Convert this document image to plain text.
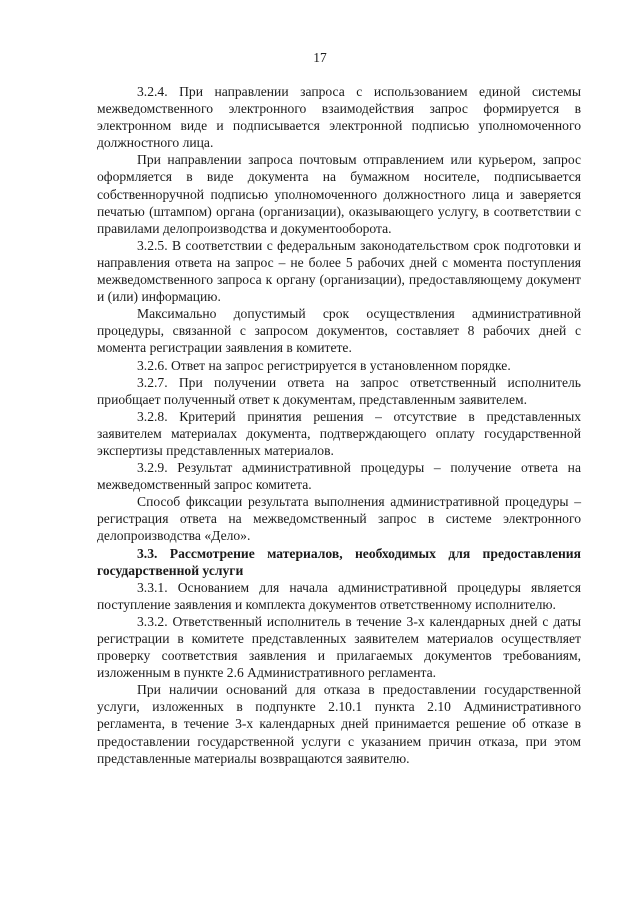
17

3.2.4. При направлении запроса с использованием единой системы межведомственного электронного взаимодействия запрос формируется в электронном виде и подписывается электронной подписью уполномоченного должностного лица.

При направлении запроса почтовым отправлением или курьером, запрос оформляется в виде документа на бумажном носителе, подписывается собственноручной подписью уполномоченного должностного лица и заверяется печатью (штампом) органа (организации), оказывающего услугу, в соответствии с правилами делопроизводства и документооборота.

3.2.5. В соответствии с федеральным законодательством срок подготовки и направления ответа на запрос – не более 5 рабочих дней с момента поступления межведомственного запроса к органу (организации), предоставляющему документ и (или) информацию.

Максимально допустимый срок осуществления административной процедуры, связанной с запросом документов, составляет 8 рабочих дней с момента регистрации заявления в комитете.

3.2.6. Ответ на запрос регистрируется в установленном порядке.

3.2.7. При получении ответа на запрос ответственный исполнитель приобщает полученный ответ к документам, представленным заявителем.

3.2.8. Критерий принятия решения – отсутствие в представленных заявителем материалах документа, подтверждающего оплату государственной экспертизы представленных материалов.

3.2.9. Результат административной процедуры – получение ответа на межведомственный запрос комитета.

Способ фиксации результата выполнения административной процедуры – регистрация ответа на межведомственный запрос в системе электронного делопроизводства «Дело».

3.3. Рассмотрение материалов, необходимых для предоставления государственной услуги

3.3.1. Основанием для начала административной процедуры является поступление заявления и комплекта документов ответственному исполнителю.

3.3.2. Ответственный исполнитель в течение 3-х календарных дней с даты регистрации в комитете представленных заявителем материалов осуществляет проверку соответствия заявления и прилагаемых документов требованиям, изложенным в пункте 2.6 Административного регламента.

При наличии оснований для отказа в предоставлении государственной услуги, изложенных в подпункте 2.10.1 пункта 2.10 Административного регламента, в течение 3-х календарных дней принимается решение об отказе в предоставлении государственной услуги с указанием причин отказа, при этом представленные материалы возвращаются заявителю.
